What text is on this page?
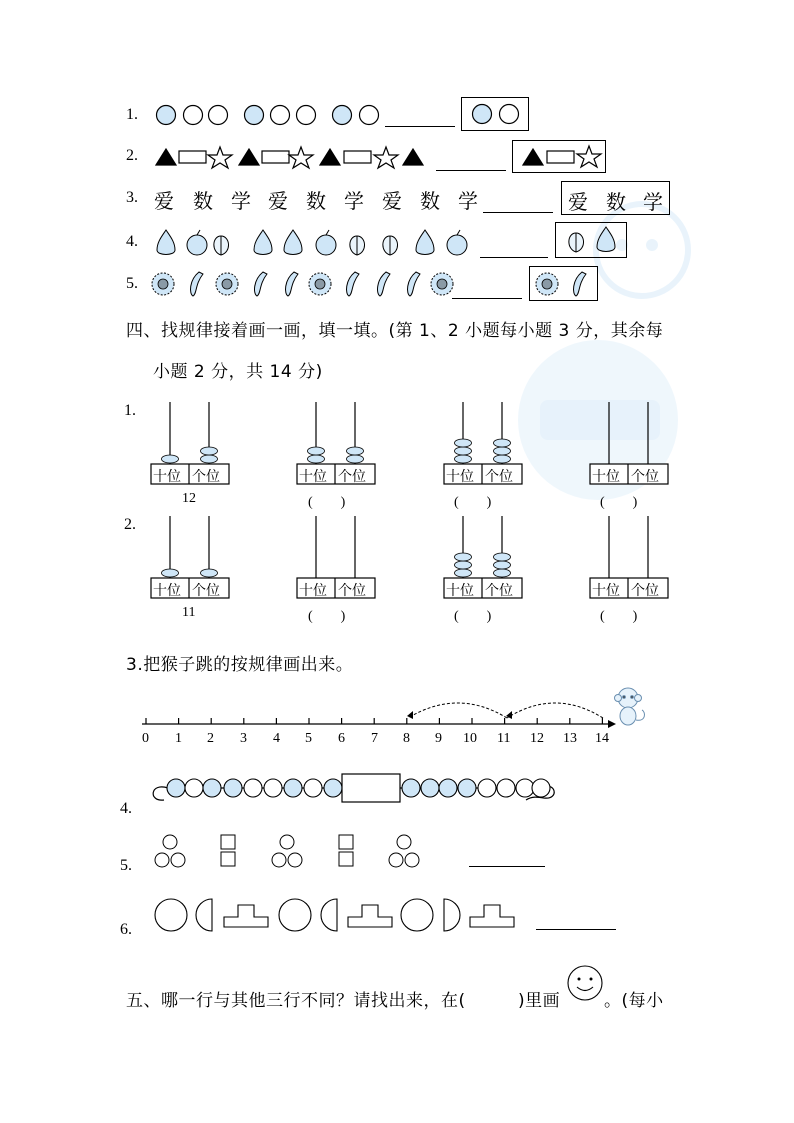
1.
2.
3. 爱 数 学 爱 数 学 爱 数 学	爱 数 学
4.
5.
四、找规律接着画一画，填一填。(第 1、2 小题每小题 3 分，其余每
小题 2 分，共 14 分)
1.
2.
十位 个位
12
十位 个位
(　　)
十位 个位
(　　)
十位 个位
(　　)
十位 个位
11
十位 个位
(　　)
十位 个位
(　　)
十位 个位
(　　)
3.把猴子跳的按规律画出来。
0 1 2 3 4 5 6 7 8 9 10 11 12 13 14
4.
5.
6.
五、哪一行与其他三行不同？请找出来，在(	)里画	。(每小
